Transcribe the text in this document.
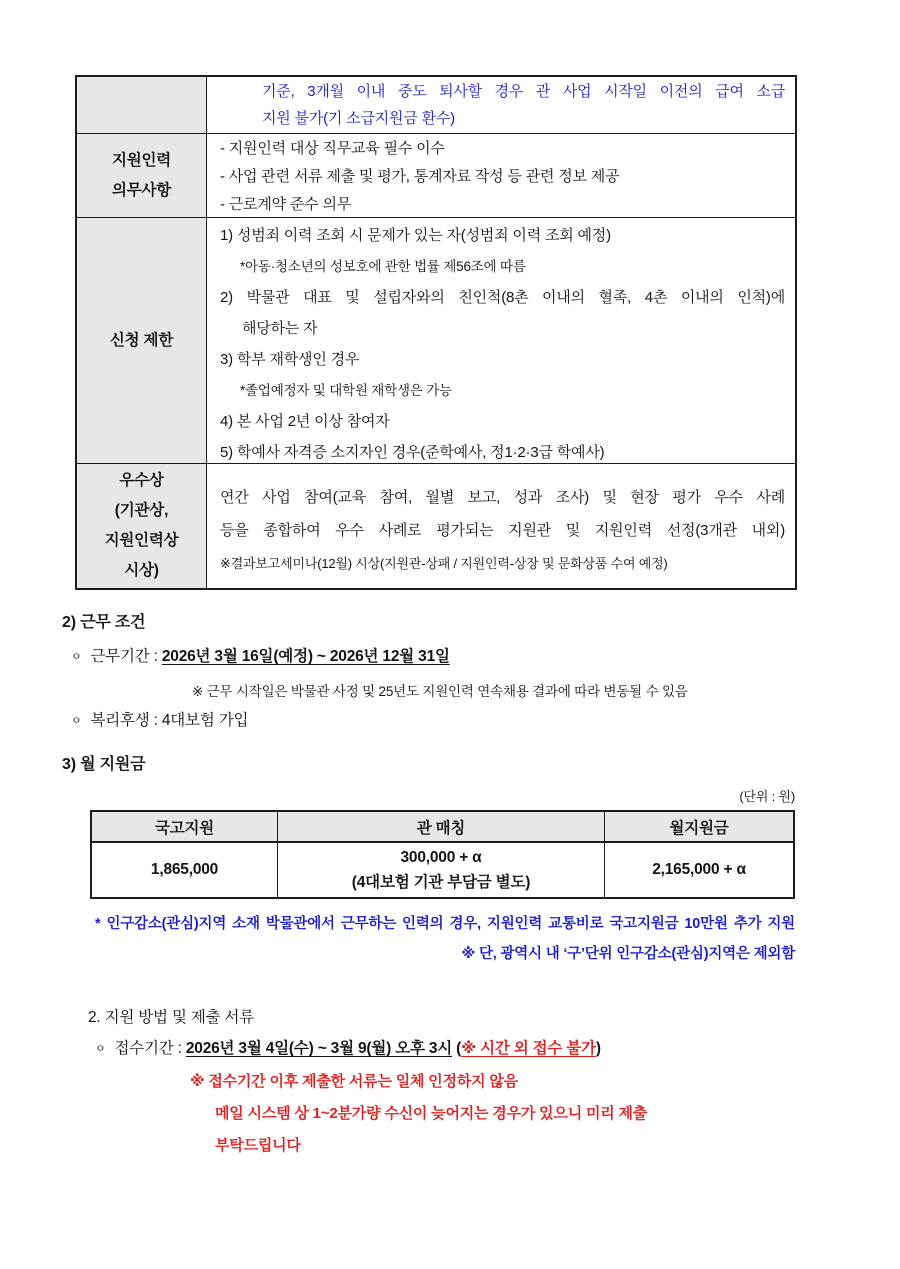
기준, 3개월 이내 중도 퇴사할 경우 관 사업 시작일 이전의 급여 소급
지원 불가(기 소급지원금 환수)
지원인력
의무사항
- 지원인력 대상 직무교육 필수 이수
- 사업 관련 서류 제출 및 평가, 통계자료 작성 등 관련 정보 제공
- 근로계약 준수 의무
신청 제한
1) 성범죄 이력 조회 시 문제가 있는 자(성범죄 이력 조회 예정)
*아동·청소년의 성보호에 관한 법률 제56조에 따름
2) 박물관 대표 및 설립자와의 친인척(8촌 이내의 혈족, 4촌 이내의 인척)에
해당하는 자
3) 학부 재학생인 경우
*졸업예정자 및 대학원 재학생은 가능
4) 본 사업 2년 이상 참여자
5) 학예사 자격증 소지자인 경우(준학예사, 정1·2·3급 학예사)
우수상
(기관상,
지원인력상
시상)
연간 사업 참여(교육 참여, 월별 보고, 성과 조사) 및 현장 평가 우수 사례
등을 종합하여 우수 사례로 평가되는 지원관 및 지원인력 선정(3개관 내외)
※결과보고세미나(12월) 시상(지원관-상패 / 지원인력-상장 및 문화상품 수여 예정)
2) 근무 조건
ㅇ 근무기간 : 2026년 3월 16일(예정) ~ 2026년 12월 31일
※ 근무 시작일은 박물관 사정 및 25년도 지원인력 연속채용 결과에 따라 변동될 수 있음
ㅇ 복리후생 : 4대보험 가입
3) 월 지원금
(단위 : 원)
국고지원	관 매칭	월지원금
1,865,000
300,000 + α
(4대보험 기관 부담금 별도)
2,165,000 + α
* 인구감소(관심)지역 소재 박물관에서 근무하는 인력의 경우, 지원인력 교통비로 국고지원금 10만원 추가 지원
※ 단, 광역시 내 ‘구’단위 인구감소(관심)지역은 제외함
2. 지원 방법 및 제출 서류
ㅇ 접수기간 : 2026년 3월 4일(수) ~ 3월 9(월) 오후 3시 (※ 시간 외 접수 불가)
※ 접수기간 이후 제출한 서류는 일체 인정하지 않음
메일 시스템 상 1~2분가량 수신이 늦어지는 경우가 있으니 미리 제출
부탁드립니다
